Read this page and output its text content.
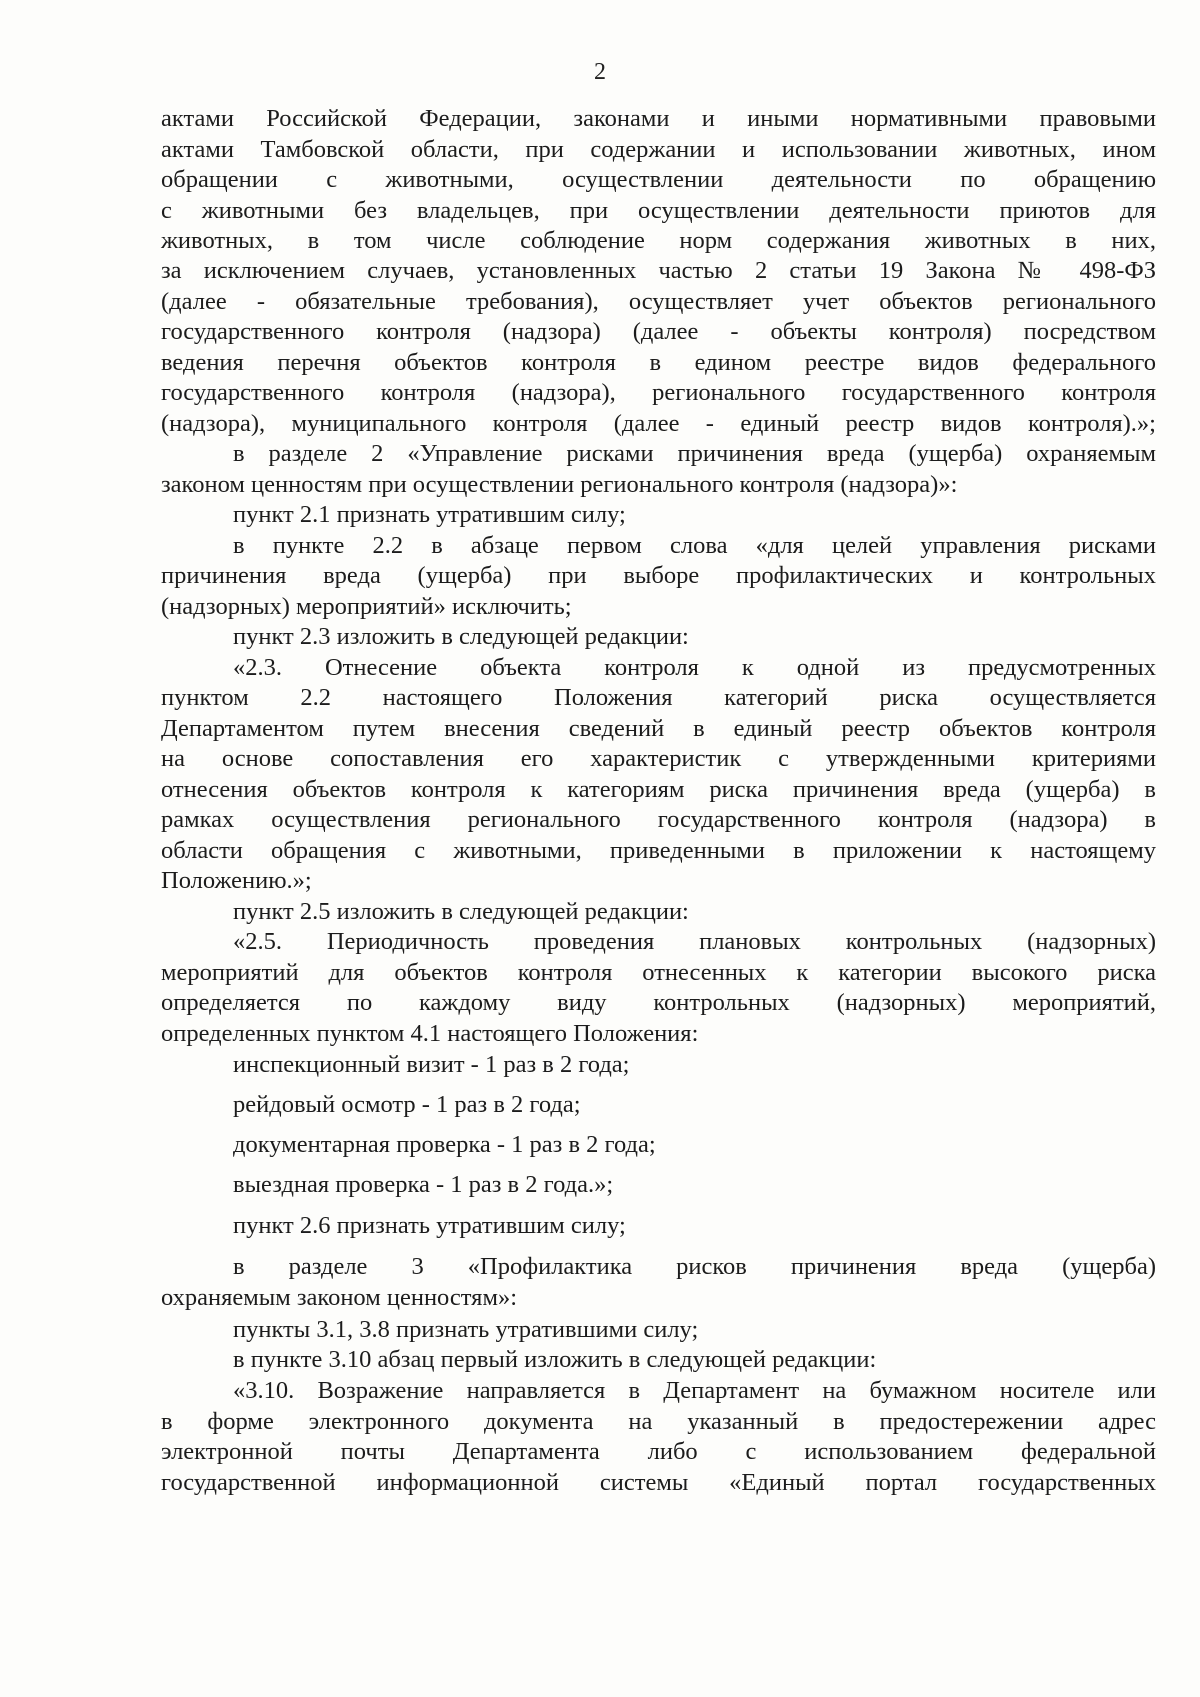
2
актами Российской Федерации, законами и иными нормативными правовыми
актами Тамбовской области, при содержании и использовании животных, ином
обращении с животными, осуществлении деятельности по обращению
с животными без владельцев, при осуществлении деятельности приютов для
животных, в том числе соблюдение норм содержания животных в них,
за исключением случаев, установленных частью 2 статьи 19 Закона № 498-ФЗ
(далее - обязательные требования), осуществляет учет объектов регионального
государственного контроля (надзора) (далее - объекты контроля) посредством
ведения перечня объектов контроля в едином реестре видов федерального
государственного контроля (надзора), регионального государственного контроля
(надзора), муниципального контроля (далее - единый реестр видов контроля).»;
в разделе 2 «Управление рисками причинения вреда (ущерба) охраняемым
законом ценностям при осуществлении регионального контроля (надзора)»:
пункт 2.1 признать утратившим силу;
в пункте 2.2 в абзаце первом слова «для целей управления рисками
причинения вреда (ущерба) при выборе профилактических и контрольных
(надзорных) мероприятий» исключить;
пункт 2.3 изложить в следующей редакции:
«2.3. Отнесение объекта контроля к одной из предусмотренных
пунктом 2.2 настоящего Положения категорий риска осуществляется
Департаментом путем внесения сведений в единый реестр объектов контроля
на основе сопоставления его характеристик с утвержденными критериями
отнесения объектов контроля к категориям риска причинения вреда (ущерба) в
рамках осуществления регионального государственного контроля (надзора) в
области обращения с животными, приведенными в приложении к настоящему
Положению.»;
пункт 2.5 изложить в следующей редакции:
«2.5. Периодичность проведения плановых контрольных (надзорных)
мероприятий для объектов контроля отнесенных к категории высокого риска
определяется по каждому виду контрольных (надзорных) мероприятий,
определенных пунктом 4.1 настоящего Положения:
инспекционный визит - 1 раз в 2 года;
рейдовый осмотр - 1 раз в 2 года;
документарная проверка - 1 раз в 2 года;
выездная проверка - 1 раз в 2 года.»;
пункт 2.6 признать утратившим силу;
в разделе 3 «Профилактика рисков причинения вреда (ущерба)
охраняемым законом ценностям»:
пункты 3.1, 3.8 признать утратившими силу;
в пункте 3.10 абзац первый изложить в следующей редакции:
«3.10. Возражение направляется в Департамент на бумажном носителе или
в форме электронного документа на указанный в предостережении адрес
электронной почты Департамента либо с использованием федеральной
государственной информационной системы «Единый портал государственных
